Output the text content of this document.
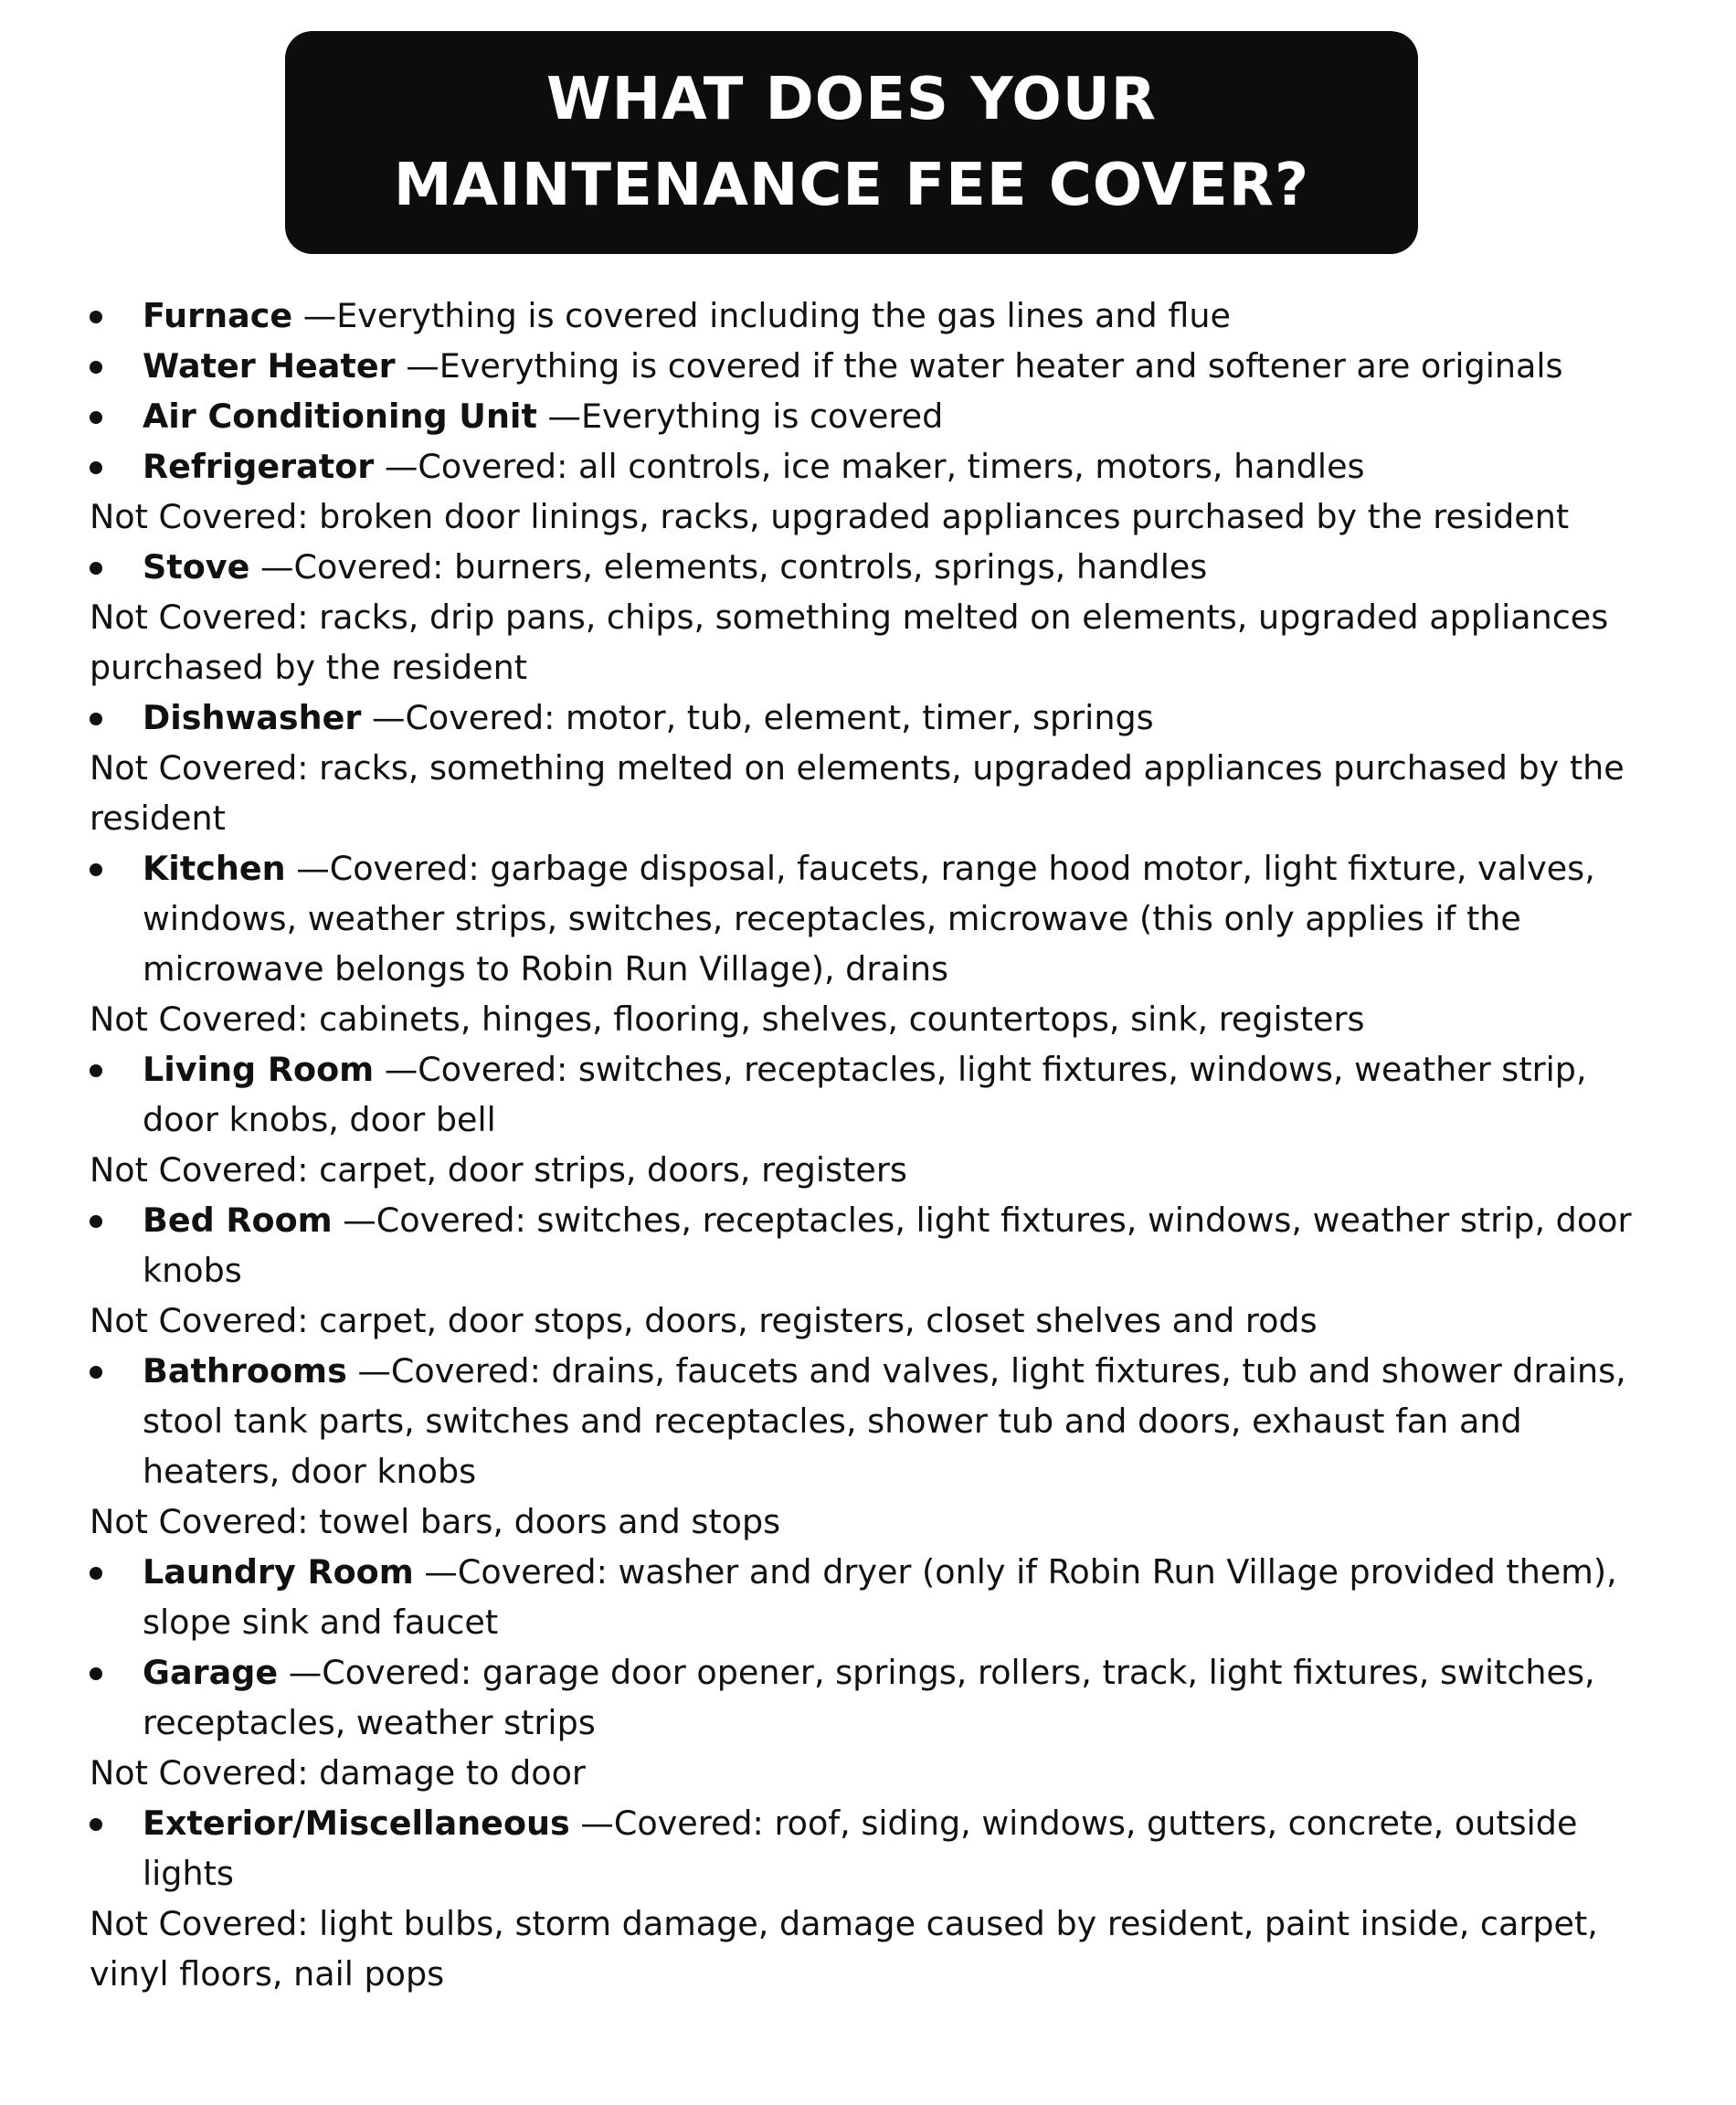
WHAT DOES YOUR
MAINTENANCE FEE COVER?
Furnace —Everything is covered including the gas lines and flue
Water Heater —Everything is covered if the water heater and softener are originals
Air Conditioning Unit —Everything is covered
Refrigerator —Covered: all controls, ice maker, timers, motors, handles
Not Covered: broken door linings, racks, upgraded appliances purchased by the resident
Stove —Covered: burners, elements, controls, springs, handles
Not Covered: racks, drip pans, chips, something melted on elements, upgraded appliances purchased by the resident
Dishwasher —Covered: motor, tub, element, timer, springs
Not Covered: racks, something melted on elements, upgraded appliances purchased by the resident
Kitchen —Covered: garbage disposal, faucets, range hood motor, light fixture, valves, windows, weather strips, switches, receptacles, microwave (this only applies if the microwave belongs to Robin Run Village), drains
Not Covered: cabinets, hinges, flooring, shelves, countertops, sink, registers
Living Room —Covered: switches, receptacles, light fixtures, windows, weather strip, door knobs, door bell
Not Covered: carpet, door strips, doors, registers
Bed Room —Covered: switches, receptacles, light fixtures, windows, weather strip, door knobs
Not Covered: carpet, door stops, doors, registers, closet shelves and rods
Bathrooms —Covered: drains, faucets and valves, light fixtures, tub and shower drains, stool tank parts, switches and receptacles, shower tub and doors, exhaust fan and heaters, door knobs
Not Covered: towel bars, doors and stops
Laundry Room —Covered: washer and dryer (only if Robin Run Village provided them), slope sink and faucet
Garage —Covered: garage door opener, springs, rollers, track, light fixtures, switches, receptacles, weather strips
Not Covered: damage to door
Exterior/Miscellaneous —Covered: roof, siding, windows, gutters, concrete, outside lights
Not Covered: light bulbs, storm damage, damage caused by resident, paint inside, carpet, vinyl floors, nail pops
